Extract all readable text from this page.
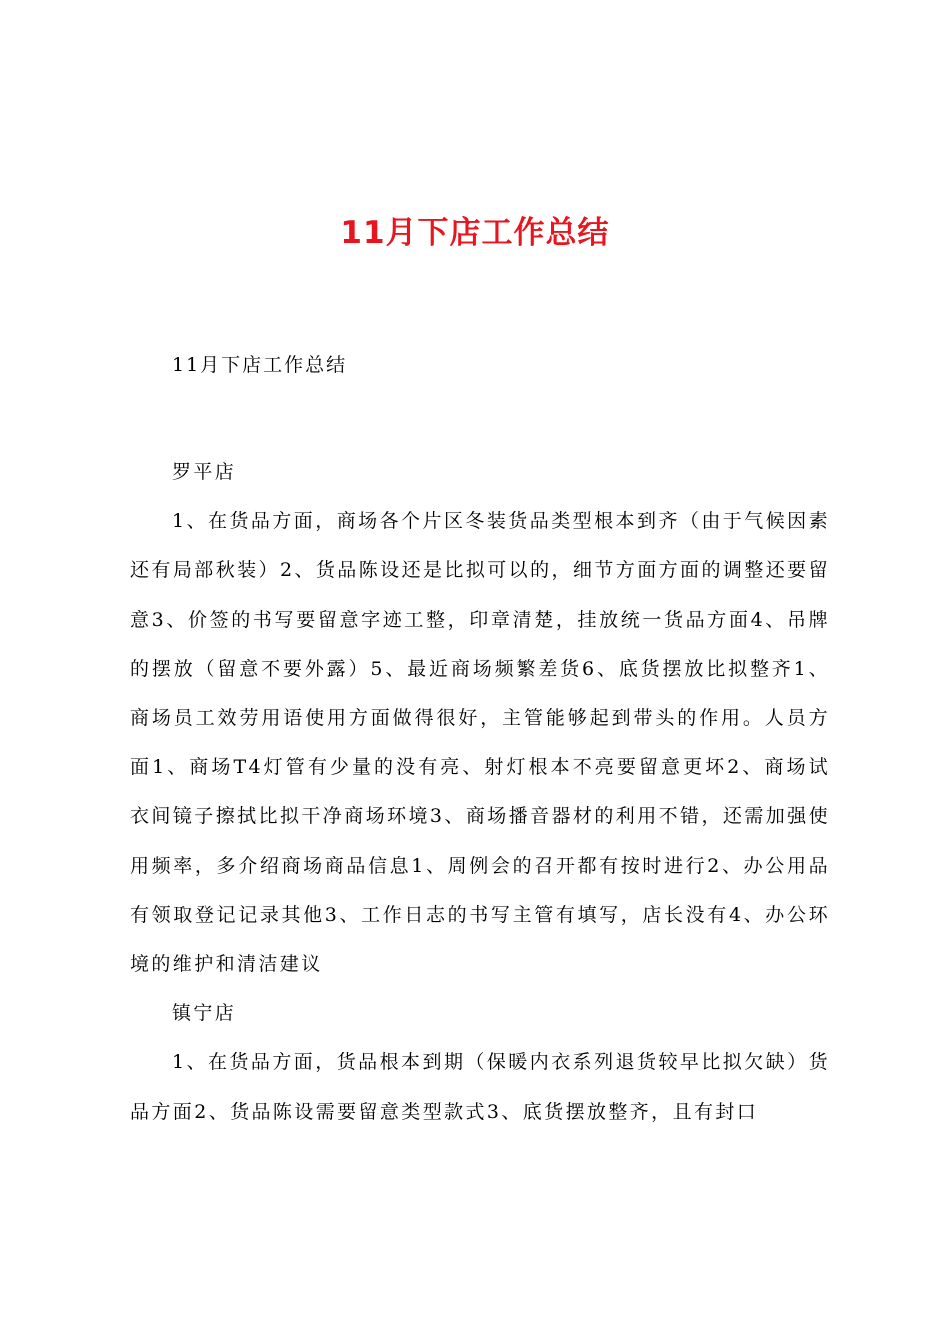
11月下店工作总结
11月下店工作总结

罗平店

1、在货品方面，商场各个片区冬装货品类型根本到齐（由于气候因素还有局部秋装）2、货品陈设还是比拟可以的，细节方面方面的调整还要留意3、价签的书写要留意字迹工整，印章清楚，挂放统一货品方面4、吊牌的摆放（留意不要外露）5、最近商场频繁差货6、底货摆放比拟整齐1、商场员工效劳用语使用方面做得很好，主管能够起到带头的作用。人员方面1、商场T4灯管有少量的没有亮、射灯根本不亮要留意更坏2、商场试衣间镜子擦拭比拟干净商场环境3、商场播音器材的利用不错，还需加强使用频率，多介绍商场商品信息1、周例会的召开都有按时进行2、办公用品有领取登记记录其他3、工作日志的书写主管有填写，店长没有4、办公环境的维护和清洁建议

镇宁店

1、在货品方面，货品根本到期（保暖内衣系列退货较早比拟欠缺）货品方面2、货品陈设需要留意类型款式3、底货摆放整齐，且有封口
